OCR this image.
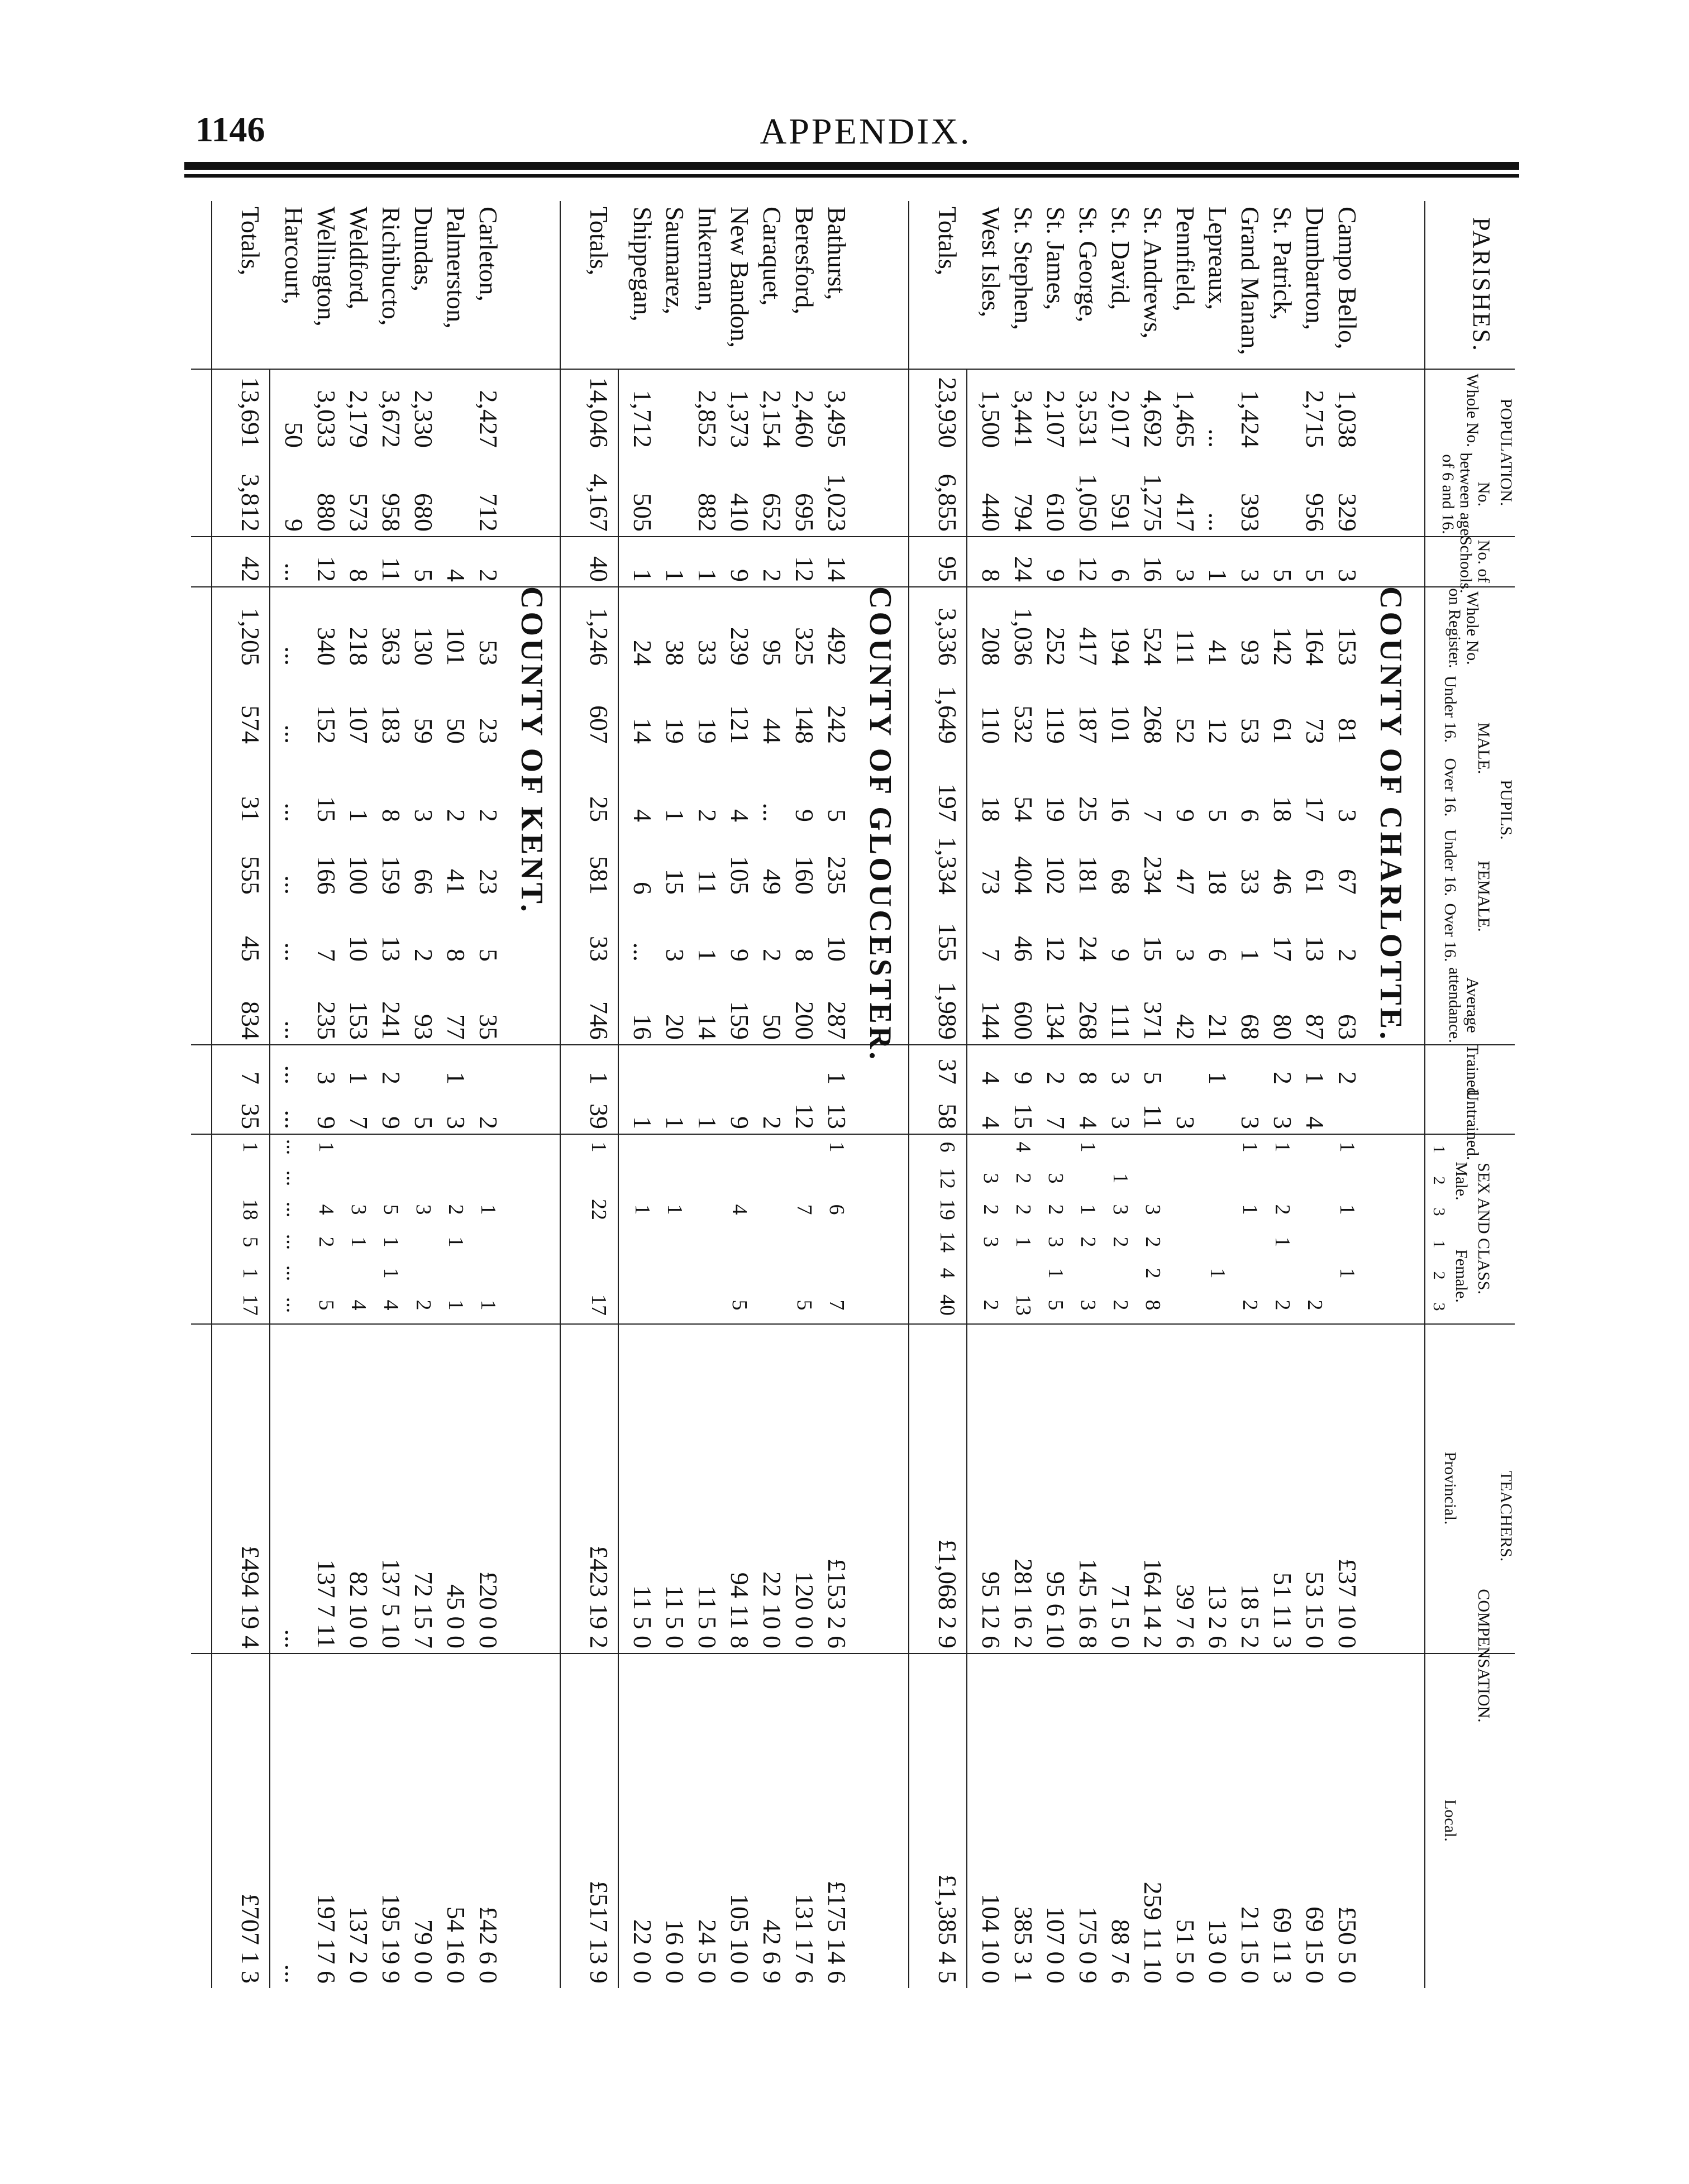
1146	APPENDIX.
PARISHES.
POPULATION.
Whole No.
No. between age of 6 and 16.
No. of Schools.
PUPILS.
Whole No. on Register.
MALE.
Under 16.
Over 16.
FEMALE.
Under 16.
Over 16.
Average attendance.
TEACHERS.
Trained.
Untrained.
SEX AND CLASS.
Male.
Female.
1
2
3
1
2
3
COMPENSATION.
Provincial.
Local.
COUNTY OF CHARLOTTE.
Campo Bello,
1,038
329
3
153
81
3
67
2
63
2
1
1
1
£37 10 0
£50 5 0
Dumbarton,
2,715
956
5
164
73
17
61
13
87
1
4
2
53 15 0
69 15 0
St. Patrick,
5
142
61
18
46
17
80
2
3
1
2
1
2
51 11 3
69 11 3
Grand Manan,
1,424
393
3
93
53
6
33
1
68
3
1
1
2
18 5 2
21 15 0
Lepreaux,
...
...
1
41
12
5
18
6
21
1
1
13 2 6
13 0 0
Pennfield,
1,465
417
3
111
52
9
47
3
42
3
39 7 6
51 5 0
St. Andrews,
4,692
1,275
16
524
268
7
234
15
371
5
11
3
2
2
8
164 14 2
259 11 10
St. David,
2,017
591
6
194
101
16
68
9
111
3
3
1
3
2
2
71 5 0
88 7 6
St. George,
3,531
1,050
12
417
187
25
181
24
268
8
4
1
1
2
3
145 16 8
175 0 9
St. James,
2,107
610
9
252
119
19
102
12
134
2
7
3
2
3
1
5
95 6 10
107 0 0
St. Stephen,
3,441
794
24
1,036
532
54
404
46
600
9
15
4
2
2
1
13
281 16 2
385 3 1
West Isles,
1,500
440
8
208
110
18
73
7
144
4
4
3
2
3
2
95 12 6
104 10 0
Totals,
23,930
6,855
95
3,336
1,649
197
1,334
155
1,989
37
58
6
12
19
14
4
40
£1,068 2 9
£1,385 4 5
COUNTY OF GLOUCESTER.
Bathurst,
3,495
1,023
14
492
242
5
235
10
287
1
13
1
6
7
£153 2 6
£175 14 6
Beresford,
2,460
695
12
325
148
9
160
8
200
12
7
5
120 0 0
131 17 6
Caraquet,
2,154
652
2
95
44
...
49
2
50
2
22 10 0
42 6 9
New Bandon,
1,373
410
9
239
121
4
105
9
159
9
4
5
94 11 8
105 10 0
Inkerman,
2,852
882
1
33
19
2
11
1
14
1
11 5 0
24 5 0
Saumarez,
1
38
19
1
15
3
20
1
1
11 5 0
16 0 0
Shippegan,
1,712
505
1
24
14
4
6
...
16
1
1
11 5 0
22 0 0
Totals,
14,046
4,167
40
1,246
607
25
581
33
746
1
39
1
22
17
£423 19 2
£517 13 9
COUNTY OF KENT.
Carleton,
2,427
712
2
53
23
2
23
5
35
2
1
1
£20 0 0
£42 6 0
Palmerston,
4
101
50
2
41
8
77
1
3
2
1
1
45 0 0
54 16 0
Dundas,
2,330
680
5
130
59
3
66
2
93
5
3
2
72 15 7
79 0 0
Richibucto,
3,672
958
11
363
183
8
159
13
241
2
9
5
1
1
4
137 5 10
195 19 9
Weldford,
2,179
573
8
218
107
1
100
10
153
1
7
3
1
4
82 10 0
137 2 0
Wellington,
3,033
880
12
340
152
15
166
7
235
3
9
1
4
2
5
137 7 11
197 17 6
Harcourt,
50
9
...
...
...
...
...
...
...
...
...
...
...
...
...
...
...
...
...
Totals,
13,691
3,812
42
1,205
574
31
555
45
834
7
35
1
18
5
1
17
£494 19 4
£707 1 3
